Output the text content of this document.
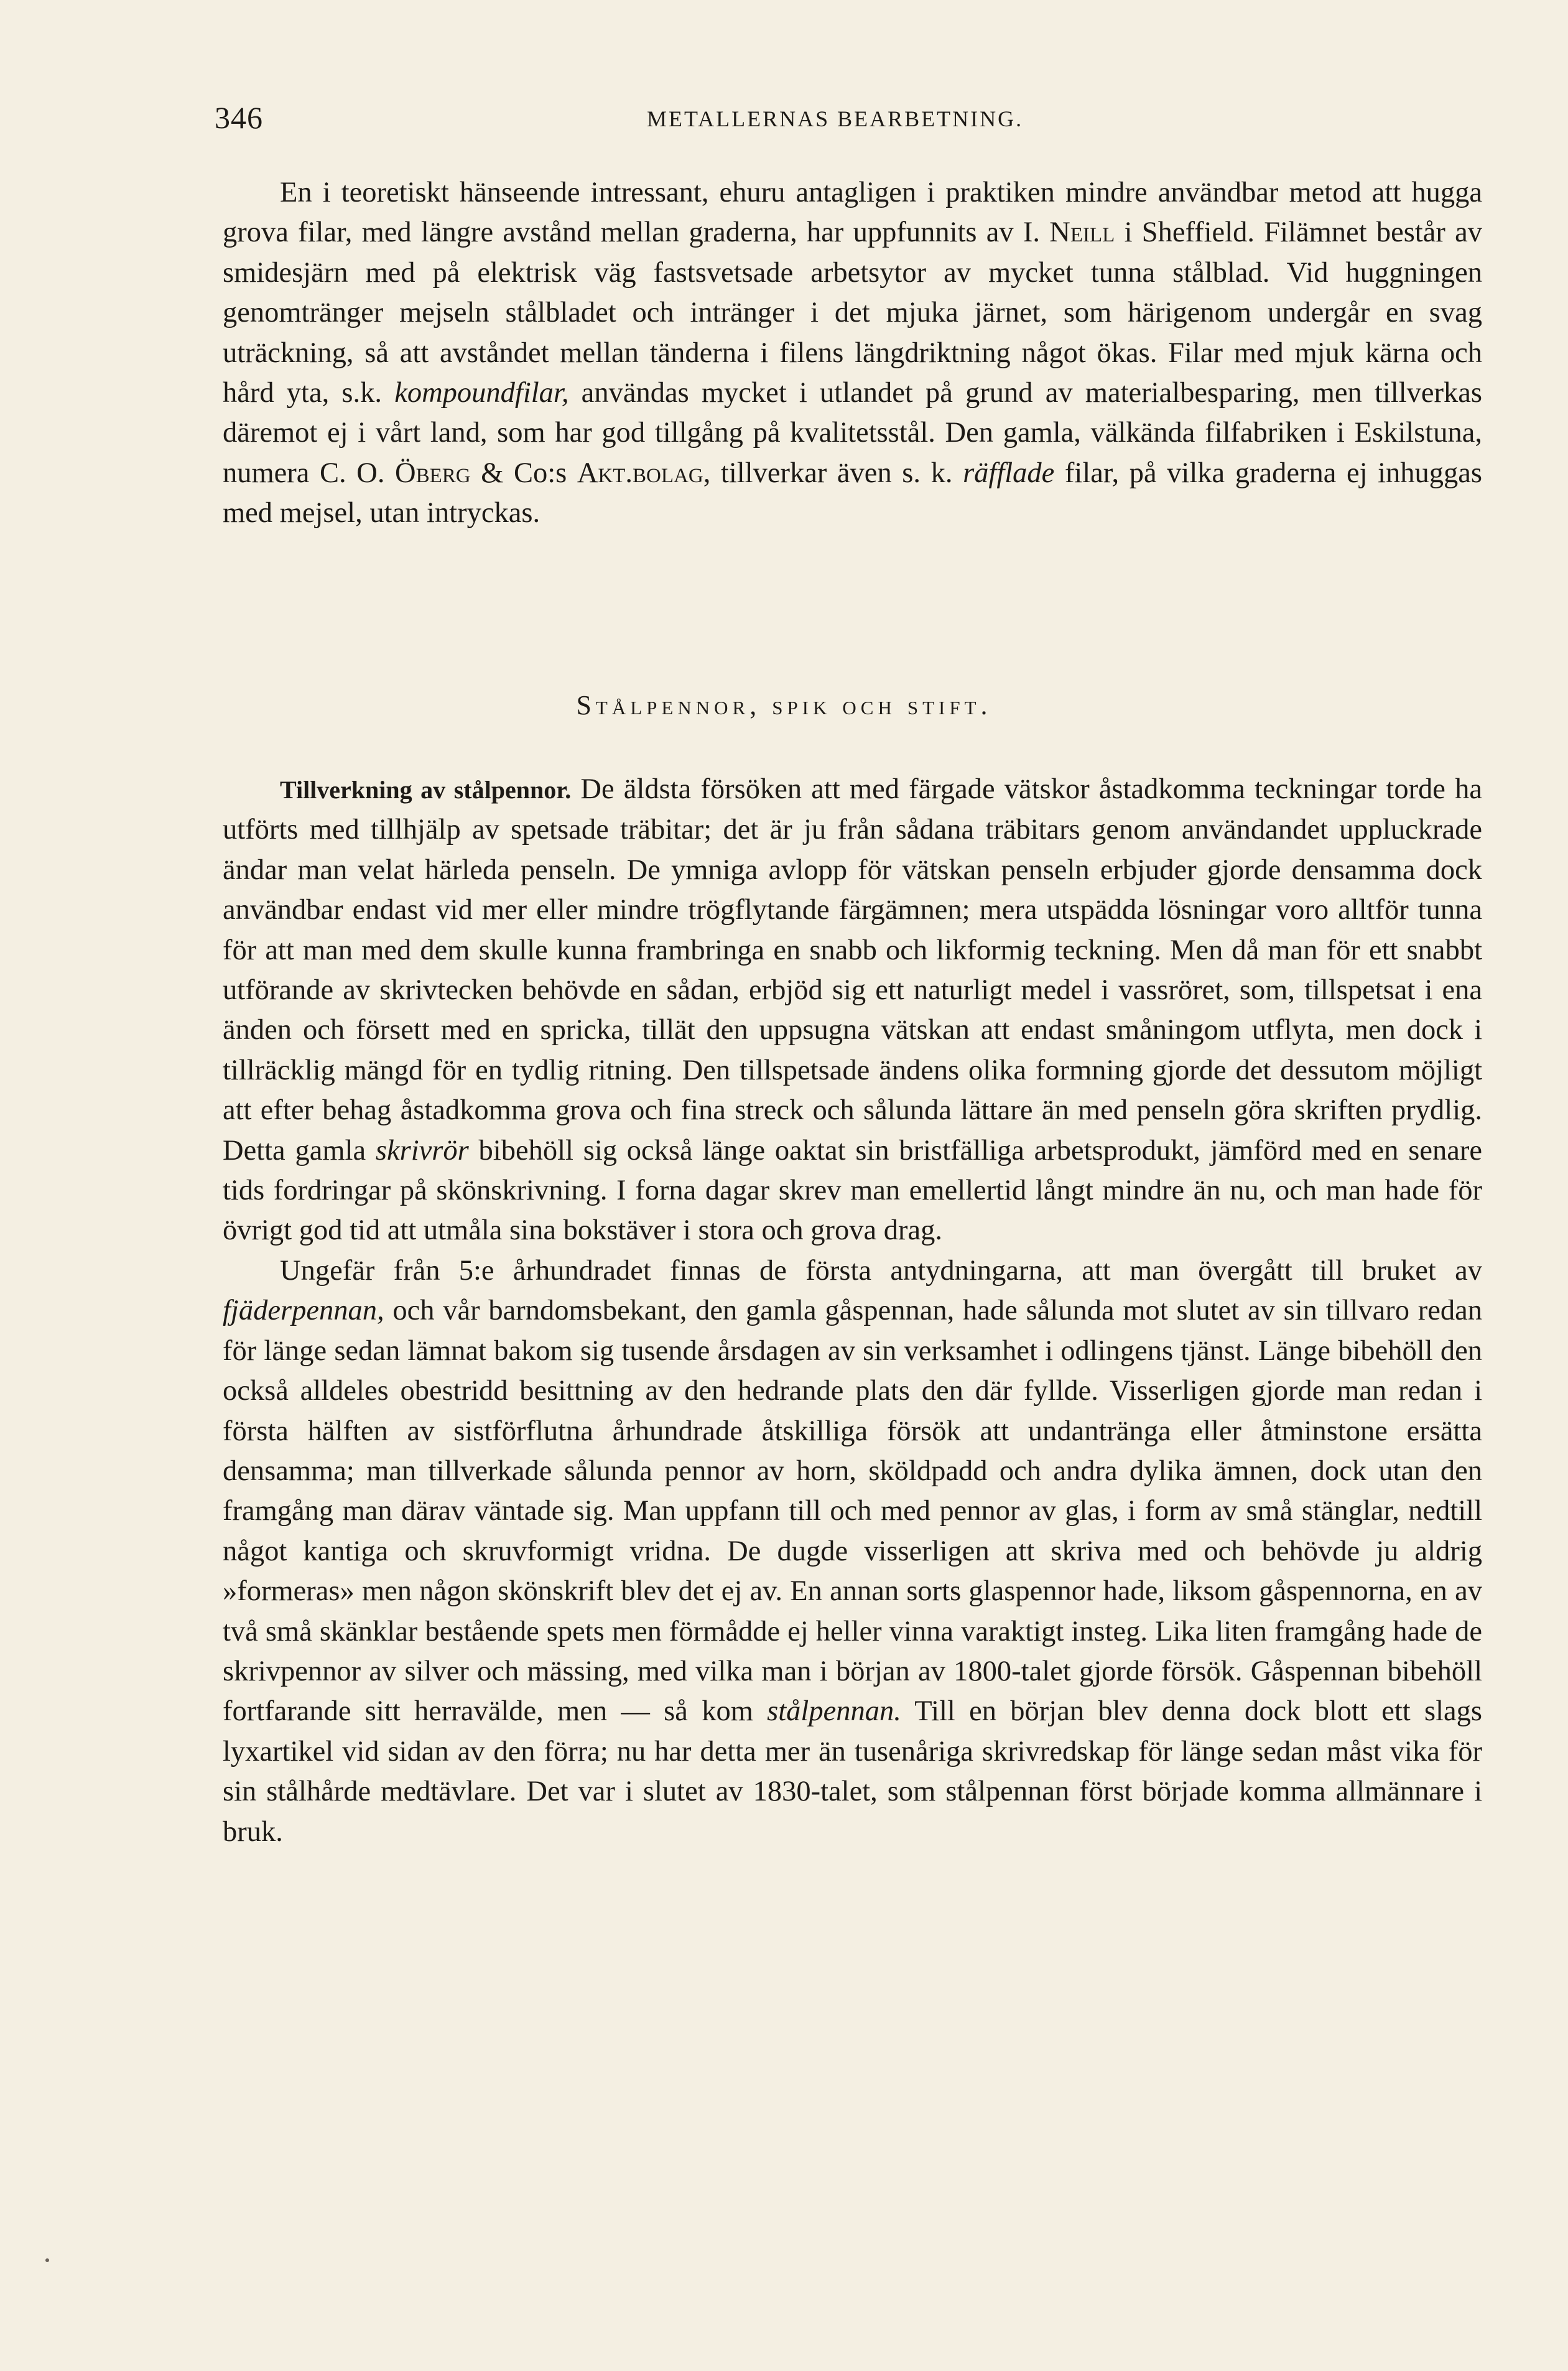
346	METALLERNAS BEARBETNING.

En i teoretiskt hänseende intressant, ehuru antagligen i praktiken mindre användbar metod att hugga grova filar, med längre avstånd mellan graderna, har uppfunnits av I. Neill i Sheffield. Filämnet består av smidesjärn med på elektrisk väg fastsvetsade arbetsytor av mycket tunna stålblad. Vid huggningen genomtränger mejseln stålbladet och intränger i det mjuka järnet, som härigenom undergår en svag uträckning, så att avståndet mellan tänderna i filens längdriktning något ökas. Filar med mjuk kärna och hård yta, s.k. kompoundfilar, användas mycket i utlandet på grund av materialbesparing, men tillverkas däremot ej i vårt land, som har god tillgång på kvalitetsstål. Den gamla, välkända filfabriken i Eskilstuna, numera C. O. Öberg & Co:s Akt.bolag, tillverkar även s. k. räfflade filar, på vilka graderna ej inhuggas med mejsel, utan intryckas.

Stålpennor, spik och stift.

Tillverkning av stålpennor. De äldsta försöken att med färgade vätskor åstadkomma teckningar torde ha utförts med tillhjälp av spetsade träbitar; det är ju från sådana träbitars genom användandet uppluckrade ändar man velat härleda penseln. De ymniga avlopp för vätskan penseln erbjuder gjorde densamma dock användbar endast vid mer eller mindre trögflytande färgämnen; mera utspädda lösningar voro alltför tunna för att man med dem skulle kunna frambringa en snabb och likformig teckning. Men då man för ett snabbt utförande av skrivtecken behövde en sådan, erbjöd sig ett naturligt medel i vassröret, som, tillspetsat i ena änden och försett med en spricka, tillät den uppsugna vätskan att endast småningom utflyta, men dock i tillräcklig mängd för en tydlig ritning. Den tillspetsade ändens olika formning gjorde det dessutom möjligt att efter behag åstadkomma grova och fina streck och sålunda lättare än med penseln göra skriften prydlig. Detta gamla skrivrör bibehöll sig också länge oaktat sin bristfälliga arbetsprodukt, jämförd med en senare tids fordringar på skönskrivning. I forna dagar skrev man emellertid långt mindre än nu, och man hade för övrigt god tid att utmåla sina bokstäver i stora och grova drag.

Ungefär från 5:e århundradet finnas de första antydningarna, att man övergått till bruket av fjäderpennan, och vår barndomsbekant, den gamla gåspennan, hade sålunda mot slutet av sin tillvaro redan för länge sedan lämnat bakom sig tusende årsdagen av sin verksamhet i odlingens tjänst. Länge bibehöll den också alldeles obestridd besittning av den hedrande plats den där fyllde. Visserligen gjorde man redan i första hälften av sistförflutna århundrade åtskilliga försök att undantränga eller åtminstone ersätta densamma; man tillverkade sålunda pennor av horn, sköldpadd och andra dylika ämnen, dock utan den framgång man därav väntade sig. Man uppfann till och med pennor av glas, i form av små stänglar, nedtill något kantiga och skruvformigt vridna. De dugde visserligen att skriva med och behövde ju aldrig »formeras» men någon skönskrift blev det ej av. En annan sorts glaspennor hade, liksom gåspennorna, en av två små skänklar bestående spets men förmådde ej heller vinna varaktigt insteg. Lika liten framgång hade de skrivpennor av silver och mässing, med vilka man i början av 1800-talet gjorde försök. Gåspennan bibehöll fortfarande sitt herravälde, men — så kom stålpennan. Till en början blev denna dock blott ett slags lyxartikel vid sidan av den förra; nu har detta mer än tusenåriga skrivredskap för länge sedan måst vika för sin stålhårde medtävlare. Det var i slutet av 1830-talet, som stålpennan först började komma allmännare i bruk.
